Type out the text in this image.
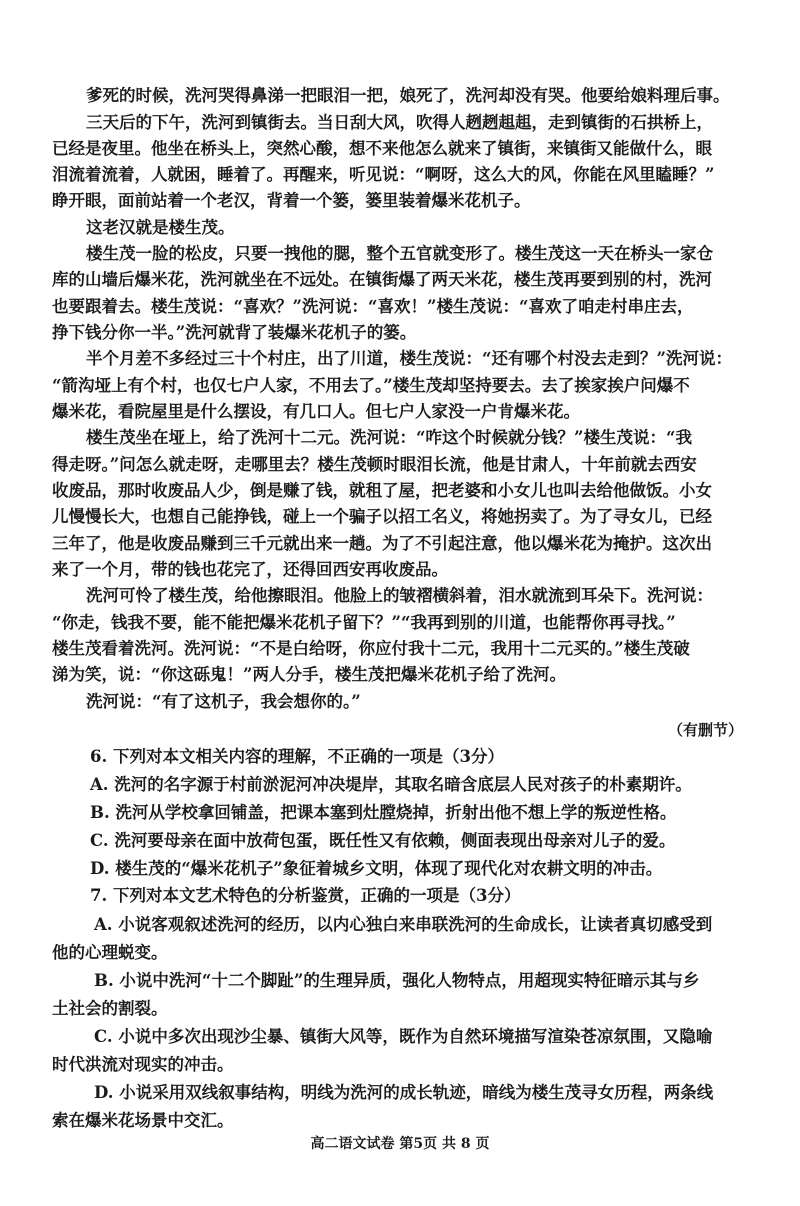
爹死的时候，洗河哭得鼻涕一把眼泪一把，娘死了，洗河却没有哭。他要给娘料理后事。
三天后的下午，洗河到镇街去。当日刮大风，吹得人趔趔趄趄，走到镇街的石拱桥上，
已经是夜里。他坐在桥头上，突然心酸，想不来他怎么就来了镇街，来镇街又能做什么，眼
泪流着流着，人就困，睡着了。再醒来，听见说：“啊呀，这么大的风，你能在风里瞌睡？”
睁开眼，面前站着一个老汉，背着一个篓，篓里装着爆米花机子。
这老汉就是楼生茂。
楼生茂一脸的松皮，只要一拽他的腮，整个五官就变形了。楼生茂这一天在桥头一家仓
库的山墙后爆米花，洗河就坐在不远处。在镇街爆了两天米花，楼生茂再要到别的村，洗河
也要跟着去。楼生茂说：“喜欢？”洗河说：“喜欢！”楼生茂说：“喜欢了咱走村串庄去，
挣下钱分你一半。”洗河就背了装爆米花机子的篓。
半个月差不多经过三十个村庄，出了川道，楼生茂说：“还有哪个村没去走到？”洗河说：
“箭沟垭上有个村，也仅七户人家，不用去了。”楼生茂却坚持要去。去了挨家挨户问爆不
爆米花，看院屋里是什么摆设，有几口人。但七户人家没一户肯爆米花。
楼生茂坐在垭上，给了洗河十二元。洗河说：“咋这个时候就分钱？”楼生茂说：“我
得走呀。”问怎么就走呀，走哪里去？楼生茂顿时眼泪长流，他是甘肃人，十年前就去西安
收废品，那时收废品人少，倒是赚了钱，就租了屋，把老婆和小女儿也叫去给他做饭。小女
儿慢慢长大，也想自己能挣钱，碰上一个骗子以招工名义，将她拐卖了。为了寻女儿，已经
三年了，他是收废品赚到三千元就出来一趟。为了不引起注意，他以爆米花为掩护。这次出
来了一个月，带的钱也花完了，还得回西安再收废品。
洗河可怜了楼生茂，给他擦眼泪。他脸上的皱褶横斜着，泪水就流到耳朵下。洗河说：
“你走，钱我不要，能不能把爆米花机子留下？”“我再到别的川道，也能帮你再寻找。”
楼生茂看着洗河。洗河说：“不是白给呀，你应付我十二元，我用十二元买的。”楼生茂破
涕为笑，说：“你这砾鬼！”两人分手，楼生茂把爆米花机子给了洗河。
洗河说：“有了这机子，我会想你的。”
（有删节）
6. 下列对本文相关内容的理解，不正确的一项是（3分）
A. 洗河的名字源于村前淤泥河冲决堤岸，其取名暗含底层人民对孩子的朴素期许。
B. 洗河从学校拿回铺盖，把课本塞到灶膛烧掉，折射出他不想上学的叛逆性格。
C. 洗河要母亲在面中放荷包蛋，既任性又有依赖，侧面表现出母亲对儿子的爱。
D. 楼生茂的“爆米花机子”象征着城乡文明，体现了现代化对农耕文明的冲击。
7. 下列对本文艺术特色的分析鉴赏，正确的一项是（3分）
A. 小说客观叙述洗河的经历，以内心独白来串联洗河的生命成长，让读者真切感受到
他的心理蜕变。
B. 小说中洗河“十二个脚趾”的生理异质，强化人物特点，用超现实特征暗示其与乡
土社会的割裂。
C. 小说中多次出现沙尘暴、镇街大风等，既作为自然环境描写渲染苍凉氛围，又隐喻
时代洪流对现实的冲击。
D. 小说采用双线叙事结构，明线为洗河的成长轨迹，暗线为楼生茂寻女历程，两条线
索在爆米花场景中交汇。
高二语文试卷 第5页 共 8 页
